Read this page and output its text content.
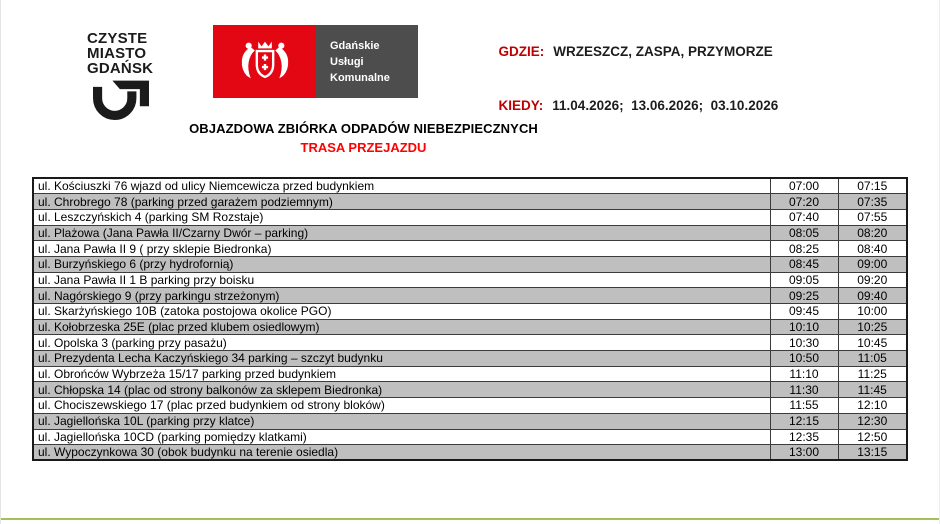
CZYSTE
MIASTO
GDAŃSK
Gdańskie
Usługi
Komunalne

GDZIE: WRZESZCZ, ZASPA, PRZYMORZE

KIEDY: 11.04.2026;  13.06.2026;  03.10.2026

OBJAZDOWA ZBIÓRKA ODPADÓW NIEBEZPIECZNYCH
TRASA PRZEJAZDU
ul. Kościuszki 76 wjazd od ulicy Niemcewicza przed budynkiem	07:00	07:15
ul. Chrobrego 78 (parking przed garażem podziemnym)	07:20	07:35
ul. Leszczyńskich 4 (parking SM Rozstaje)	07:40	07:55
ul. Plażowa (Jana Pawła II/Czarny Dwór – parking)	08:05	08:20
ul. Jana Pawła II 9 ( przy sklepie Biedronka)	08:25	08:40
ul. Burzyńskiego 6 (przy hydrofornią)	08:45	09:00
ul. Jana Pawła II 1 B parking przy boisku	09:05	09:20
ul. Nagórskiego 9 (przy parkingu strzeżonym)	09:25	09:40
ul. Skarżyńskiego 10B (zatoka postojowa okolice PGO)	09:45	10:00
ul. Kołobrzeska 25E (plac przed klubem osiedlowym)	10:10	10:25
ul. Opolska 3 (parking przy pasażu)	10:30	10:45
ul. Prezydenta Lecha Kaczyńskiego 34 parking – szczyt budynku	10:50	11:05
ul. Obrońców Wybrzeża 15/17 parking przed budynkiem	11:10	11:25
ul. Chłopska 14 (plac od strony balkonów za sklepem Biedronka)	11:30	11:45
ul. Chociszewskiego 17 (plac przed budynkiem od strony bloków)	11:55	12:10
ul. Jagiellońska 10L (parking przy klatce)	12:15	12:30
ul. Jagiellońska 10CD (parking pomiędzy klatkami)	12:35	12:50
ul. Wypoczynkowa 30 (obok budynku na terenie osiedla)	13:00	13:15
